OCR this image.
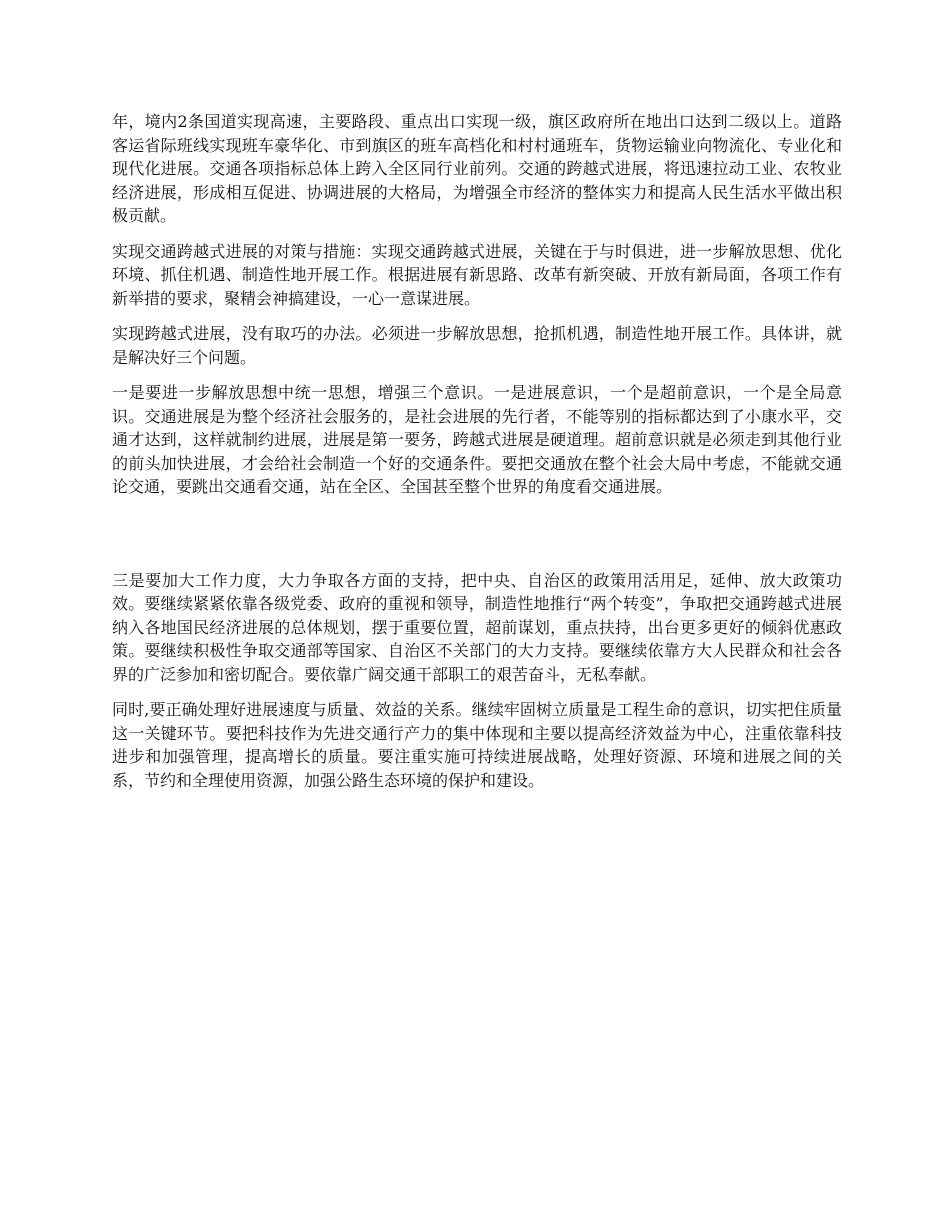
年，境内2条国道实现高速，主要路段、重点出口实现一级，旗区政府所在地出口达到二级以上。道路客运省际班线实现班车豪华化、市到旗区的班车高档化和村村通班车，货物运输业向物流化、专业化和现代化进展。交通各项指标总体上跨入全区同行业前列。交通的跨越式进展，将迅速拉动工业、农牧业经济进展，形成相互促进、协调进展的大格局，为增强全市经济的整体实力和提高人民生活水平做出积极贡献。

实现交通跨越式进展的对策与措施：实现交通跨越式进展，关键在于与时俱进，进一步解放思想、优化环境、抓住机遇、制造性地开展工作。根据进展有新思路、改革有新突破、开放有新局面，各项工作有新举措的要求，聚精会神搞建设，一心一意谋进展。

实现跨越式进展，没有取巧的办法。必须进一步解放思想，抢抓机遇，制造性地开展工作。具体讲，就是解决好三个问题。

一是要进一步解放思想中统一思想，增强三个意识。一是进展意识，一个是超前意识，一个是全局意识。交通进展是为整个经济社会服务的，是社会进展的先行者，不能等别的指标都达到了小康水平，交通才达到，这样就制约进展，进展是第一要务，跨越式进展是硬道理。超前意识就是必须走到其他行业的前头加快进展，才会给社会制造一个好的交通条件。要把交通放在整个社会大局中考虑，不能就交通论交通，要跳出交通看交通，站在全区、全国甚至整个世界的角度看交通进展。

三是要加大工作力度，大力争取各方面的支持，把中央、自治区的政策用活用足，延伸、放大政策功效。要继续紧紧依靠各级党委、政府的重视和领导，制造性地推行“两个转变”，争取把交通跨越式进展纳入各地国民经济进展的总体规划，摆于重要位置，超前谋划，重点扶持，出台更多更好的倾斜优惠政策。要继续积极性争取交通部等国家、自治区不关部门的大力支持。要继续依靠方大人民群众和社会各界的广泛参加和密切配合。要依靠广阔交通干部职工的艰苦奋斗，无私奉献。

同时,要正确处理好进展速度与质量、效益的关系。继续牢固树立质量是工程生命的意识，切实把住质量这一关键环节。要把科技作为先进交通行产力的集中体现和主要以提高经济效益为中心，注重依靠科技进步和加强管理，提高增长的质量。要注重实施可持续进展战略，处理好资源、环境和进展之间的关系，节约和全理使用资源，加强公路生态环境的保护和建设。
